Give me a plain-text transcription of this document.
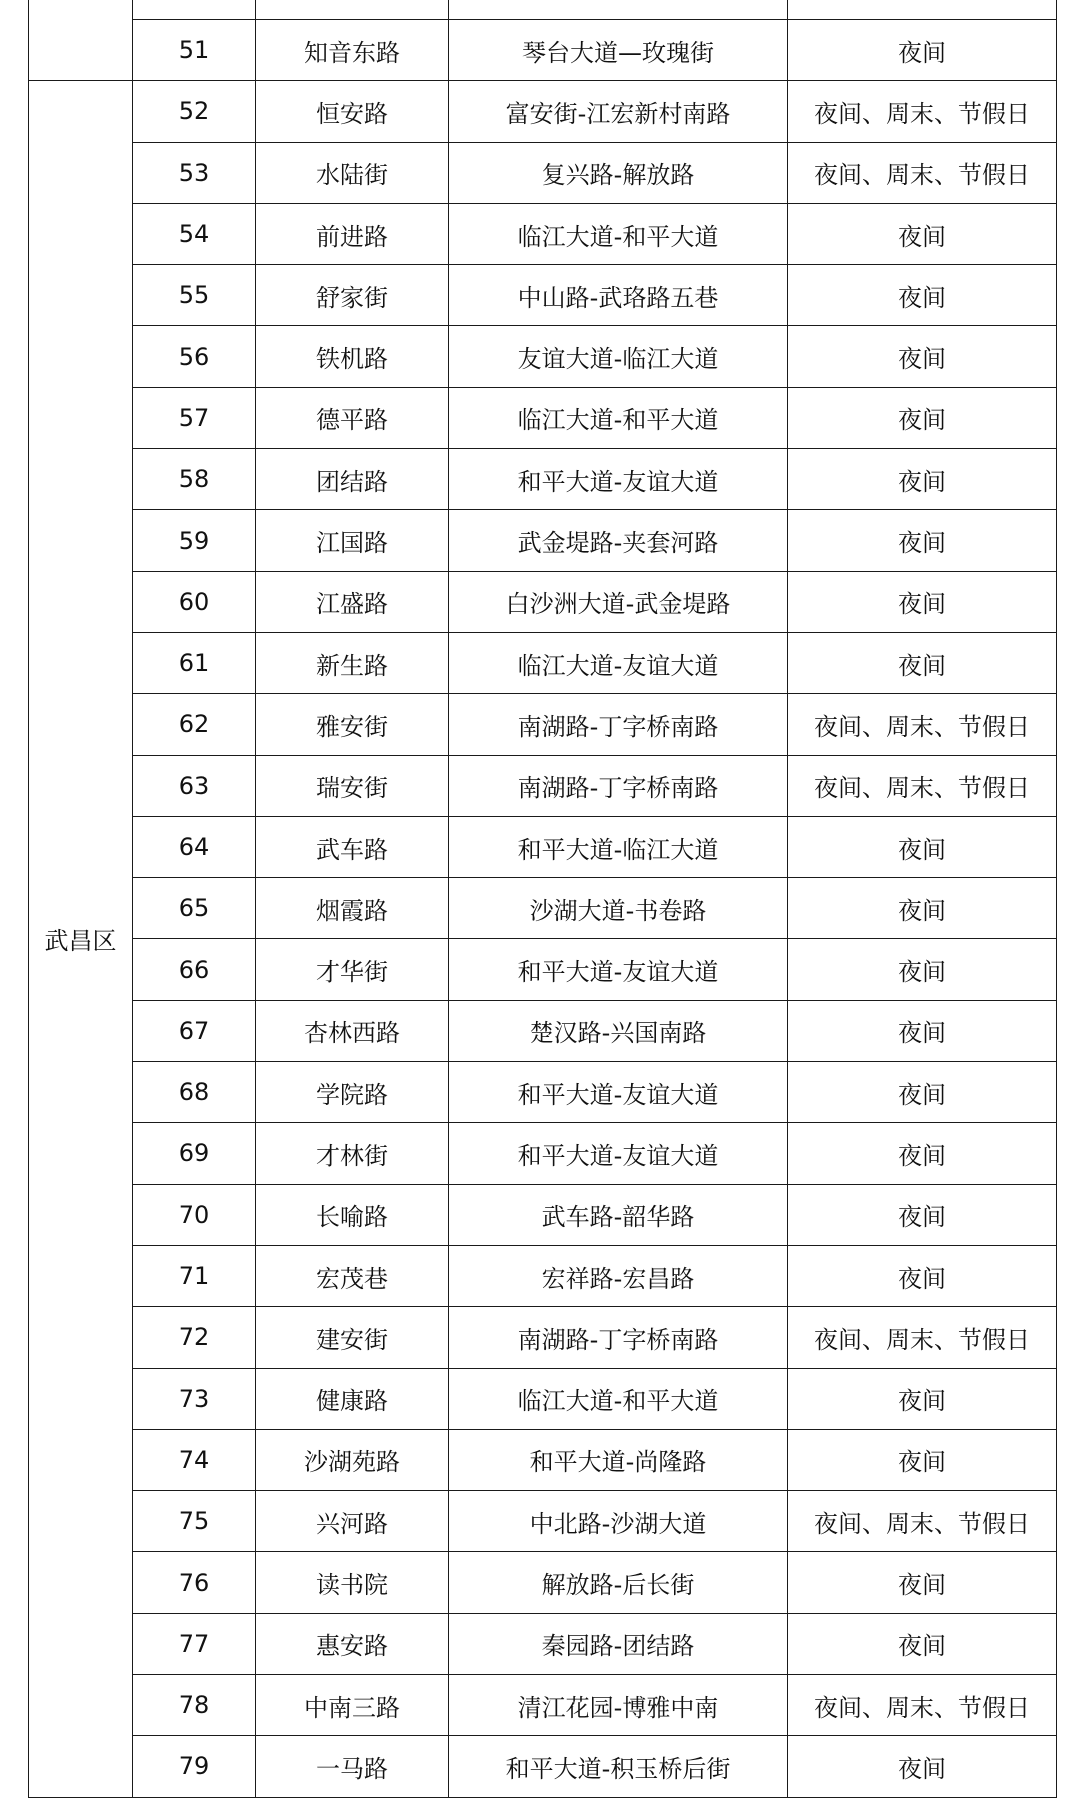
	51	知音东路	琴台大道—玫瑰街	夜间
武昌区	52	恒安路	富安街-江宏新村南路	夜间、周末、节假日
	53	水陆街	复兴路-解放路	夜间、周末、节假日
	54	前进路	临江大道-和平大道	夜间
	55	舒家街	中山路-武珞路五巷	夜间
	56	铁机路	友谊大道-临江大道	夜间
	57	德平路	临江大道-和平大道	夜间
	58	团结路	和平大道-友谊大道	夜间
	59	江国路	武金堤路-夹套河路	夜间
	60	江盛路	白沙洲大道-武金堤路	夜间
	61	新生路	临江大道-友谊大道	夜间
	62	雅安街	南湖路-丁字桥南路	夜间、周末、节假日
	63	瑞安街	南湖路-丁字桥南路	夜间、周末、节假日
	64	武车路	和平大道-临江大道	夜间
	65	烟霞路	沙湖大道-书卷路	夜间
	66	才华街	和平大道-友谊大道	夜间
	67	杏林西路	楚汉路-兴国南路	夜间
	68	学院路	和平大道-友谊大道	夜间
	69	才林街	和平大道-友谊大道	夜间
	70	长喻路	武车路-韶华路	夜间
	71	宏茂巷	宏祥路-宏昌路	夜间
	72	建安街	南湖路-丁字桥南路	夜间、周末、节假日
	73	健康路	临江大道-和平大道	夜间
	74	沙湖苑路	和平大道-尚隆路	夜间
	75	兴河路	中北路-沙湖大道	夜间、周末、节假日
	76	读书院	解放路-后长街	夜间
	77	惠安路	秦园路-团结路	夜间
	78	中南三路	清江花园-博雅中南	夜间、周末、节假日
	79	一马路	和平大道-积玉桥后街	夜间
